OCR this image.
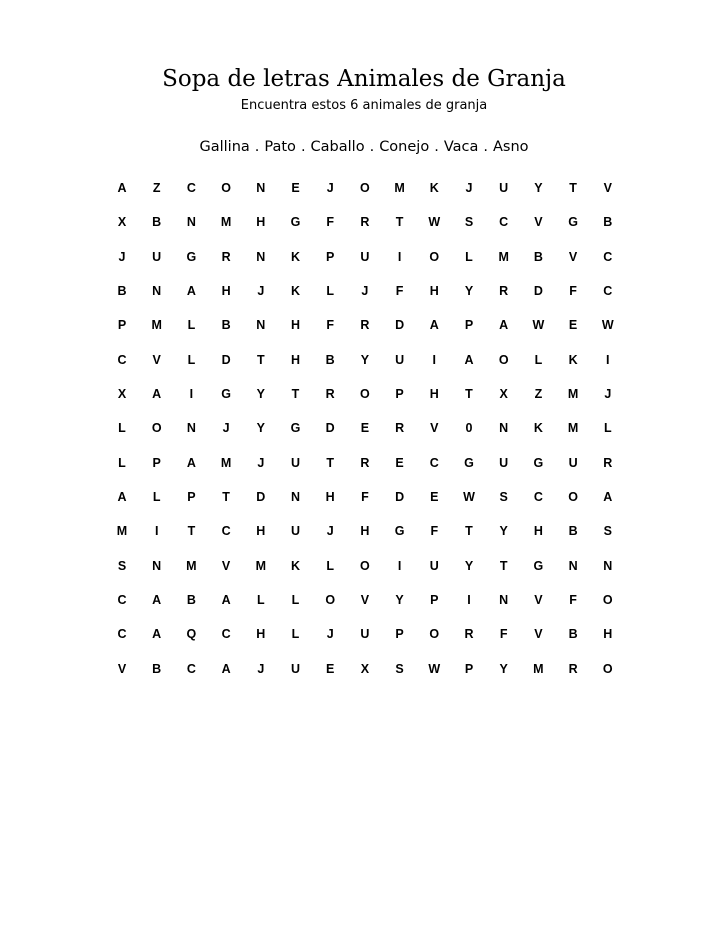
Sopa de letras Animales de Granja
Encuentra estos 6 animales de granja
Gallina . Pato . Caballo . Conejo . Vaca . Asno
A	Z	C	O	N	E	J	O	M	K	J	U	Y	T	V
X	B	N	M	H	G	F	R	T	W	S	C	V	G	B
J	U	G	R	N	K	P	U	I	O	L	M	B	V	C
B	N	A	H	J	K	L	J	F	H	Y	R	D	F	C
P	M	L	B	N	H	F	R	D	A	P	A	W	E	W
C	V	L	D	T	H	B	Y	U	I	A	O	L	K	I
X	A	I	G	Y	T	R	O	P	H	T	X	Z	M	J
L	O	N	J	Y	G	D	E	R	V	0	N	K	M	L
L	P	A	M	J	U	T	R	E	C	G	U	G	U	R
A	L	P	T	D	N	H	F	D	E	W	S	C	O	A
M	I	T	C	H	U	J	H	G	F	T	Y	H	B	S
S	N	M	V	M	K	L	O	I	U	Y	T	G	N	N
C	A	B	A	L	L	O	V	Y	P	I	N	V	F	O
C	A	Q	C	H	L	J	U	P	O	R	F	V	B	H
V	B	C	A	J	U	E	X	S	W	P	Y	M	R	O
